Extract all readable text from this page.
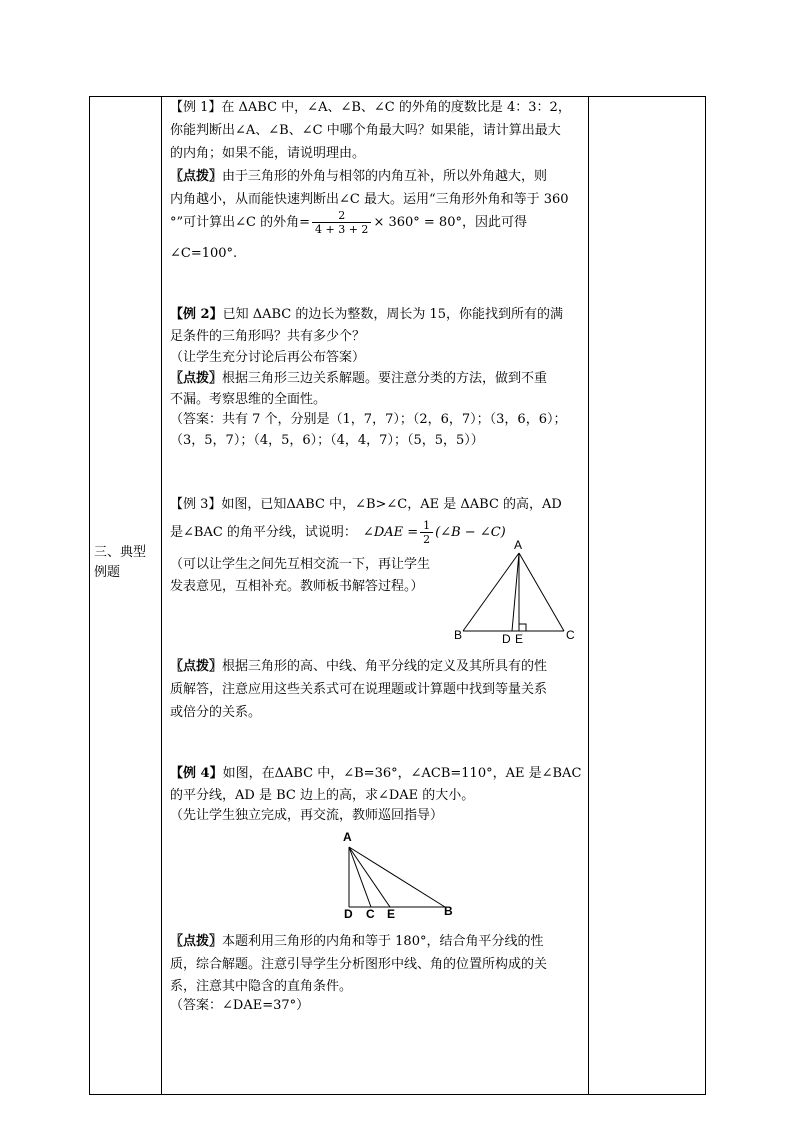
三、典型
例题

【例 1】在 ΔABC 中，∠A、∠B、∠C 的外角的度数比是 4：3：2，

你能判断出∠A、∠B、∠C 中哪个角最大吗？如果能，请计算出最大

的内角；如果不能，请说明理由。

〖点拨〗由于三角形的外角与相邻的内角互补，所以外角越大，则

内角越小，从而能快速判断出∠C 最大。运用“三角形外角和等于 360

°”可计算出∠C 的外角= $\frac{2}{4 + 3 + 2} \times 360^\circ = 80^\circ$，因此可得

∠C=100°.

【例 2】已知 ΔABC 的边长为整数，周长为 15，你能找到所有的满

足条件的三角形吗？共有多少个？

（让学生充分讨论后再公布答案）

〖点拨〗根据三角形三边关系解题。要注意分类的方法，做到不重

不漏。考察思维的全面性。

（答案：共有 7 个，分别是（1，7，7）；（2，6，7）；（3，6，6）；

（3，5，7）；（4，5，6）；（4，4，7）；（5，5，5））

【例 3】如图，已知ΔABC 中，∠B>∠C，AE 是 ΔABC 的高，AD

是∠BAC 的角平分线，试说明： ∠DAE = $\frac{1}{2}$ (∠B − ∠C)

（可以让学生之间先互相交流一下，再让学生

发表意见，互相补充。教师板书解答过程。）

A
B	D E	C

〖点拨〗根据三角形的高、中线、角平分线的定义及其所具有的性

质解答，注意应用这些关系式可在说理题或计算题中找到等量关系

或倍分的关系。

【例 4】如图，在ΔABC 中，∠B=36°，∠ACB=110°，AE 是∠BAC

的平分线，AD 是 BC 边上的高，求∠DAE 的大小。

（先让学生独立完成，再交流，教师巡回指导）

A
D C E	B

〖点拨〗本题利用三角形的内角和等于 180°，结合角平分线的性

质，综合解题。注意引导学生分析图形中线、角的位置所构成的关

系，注意其中隐含的直角条件。

（答案：∠DAE=37°）
